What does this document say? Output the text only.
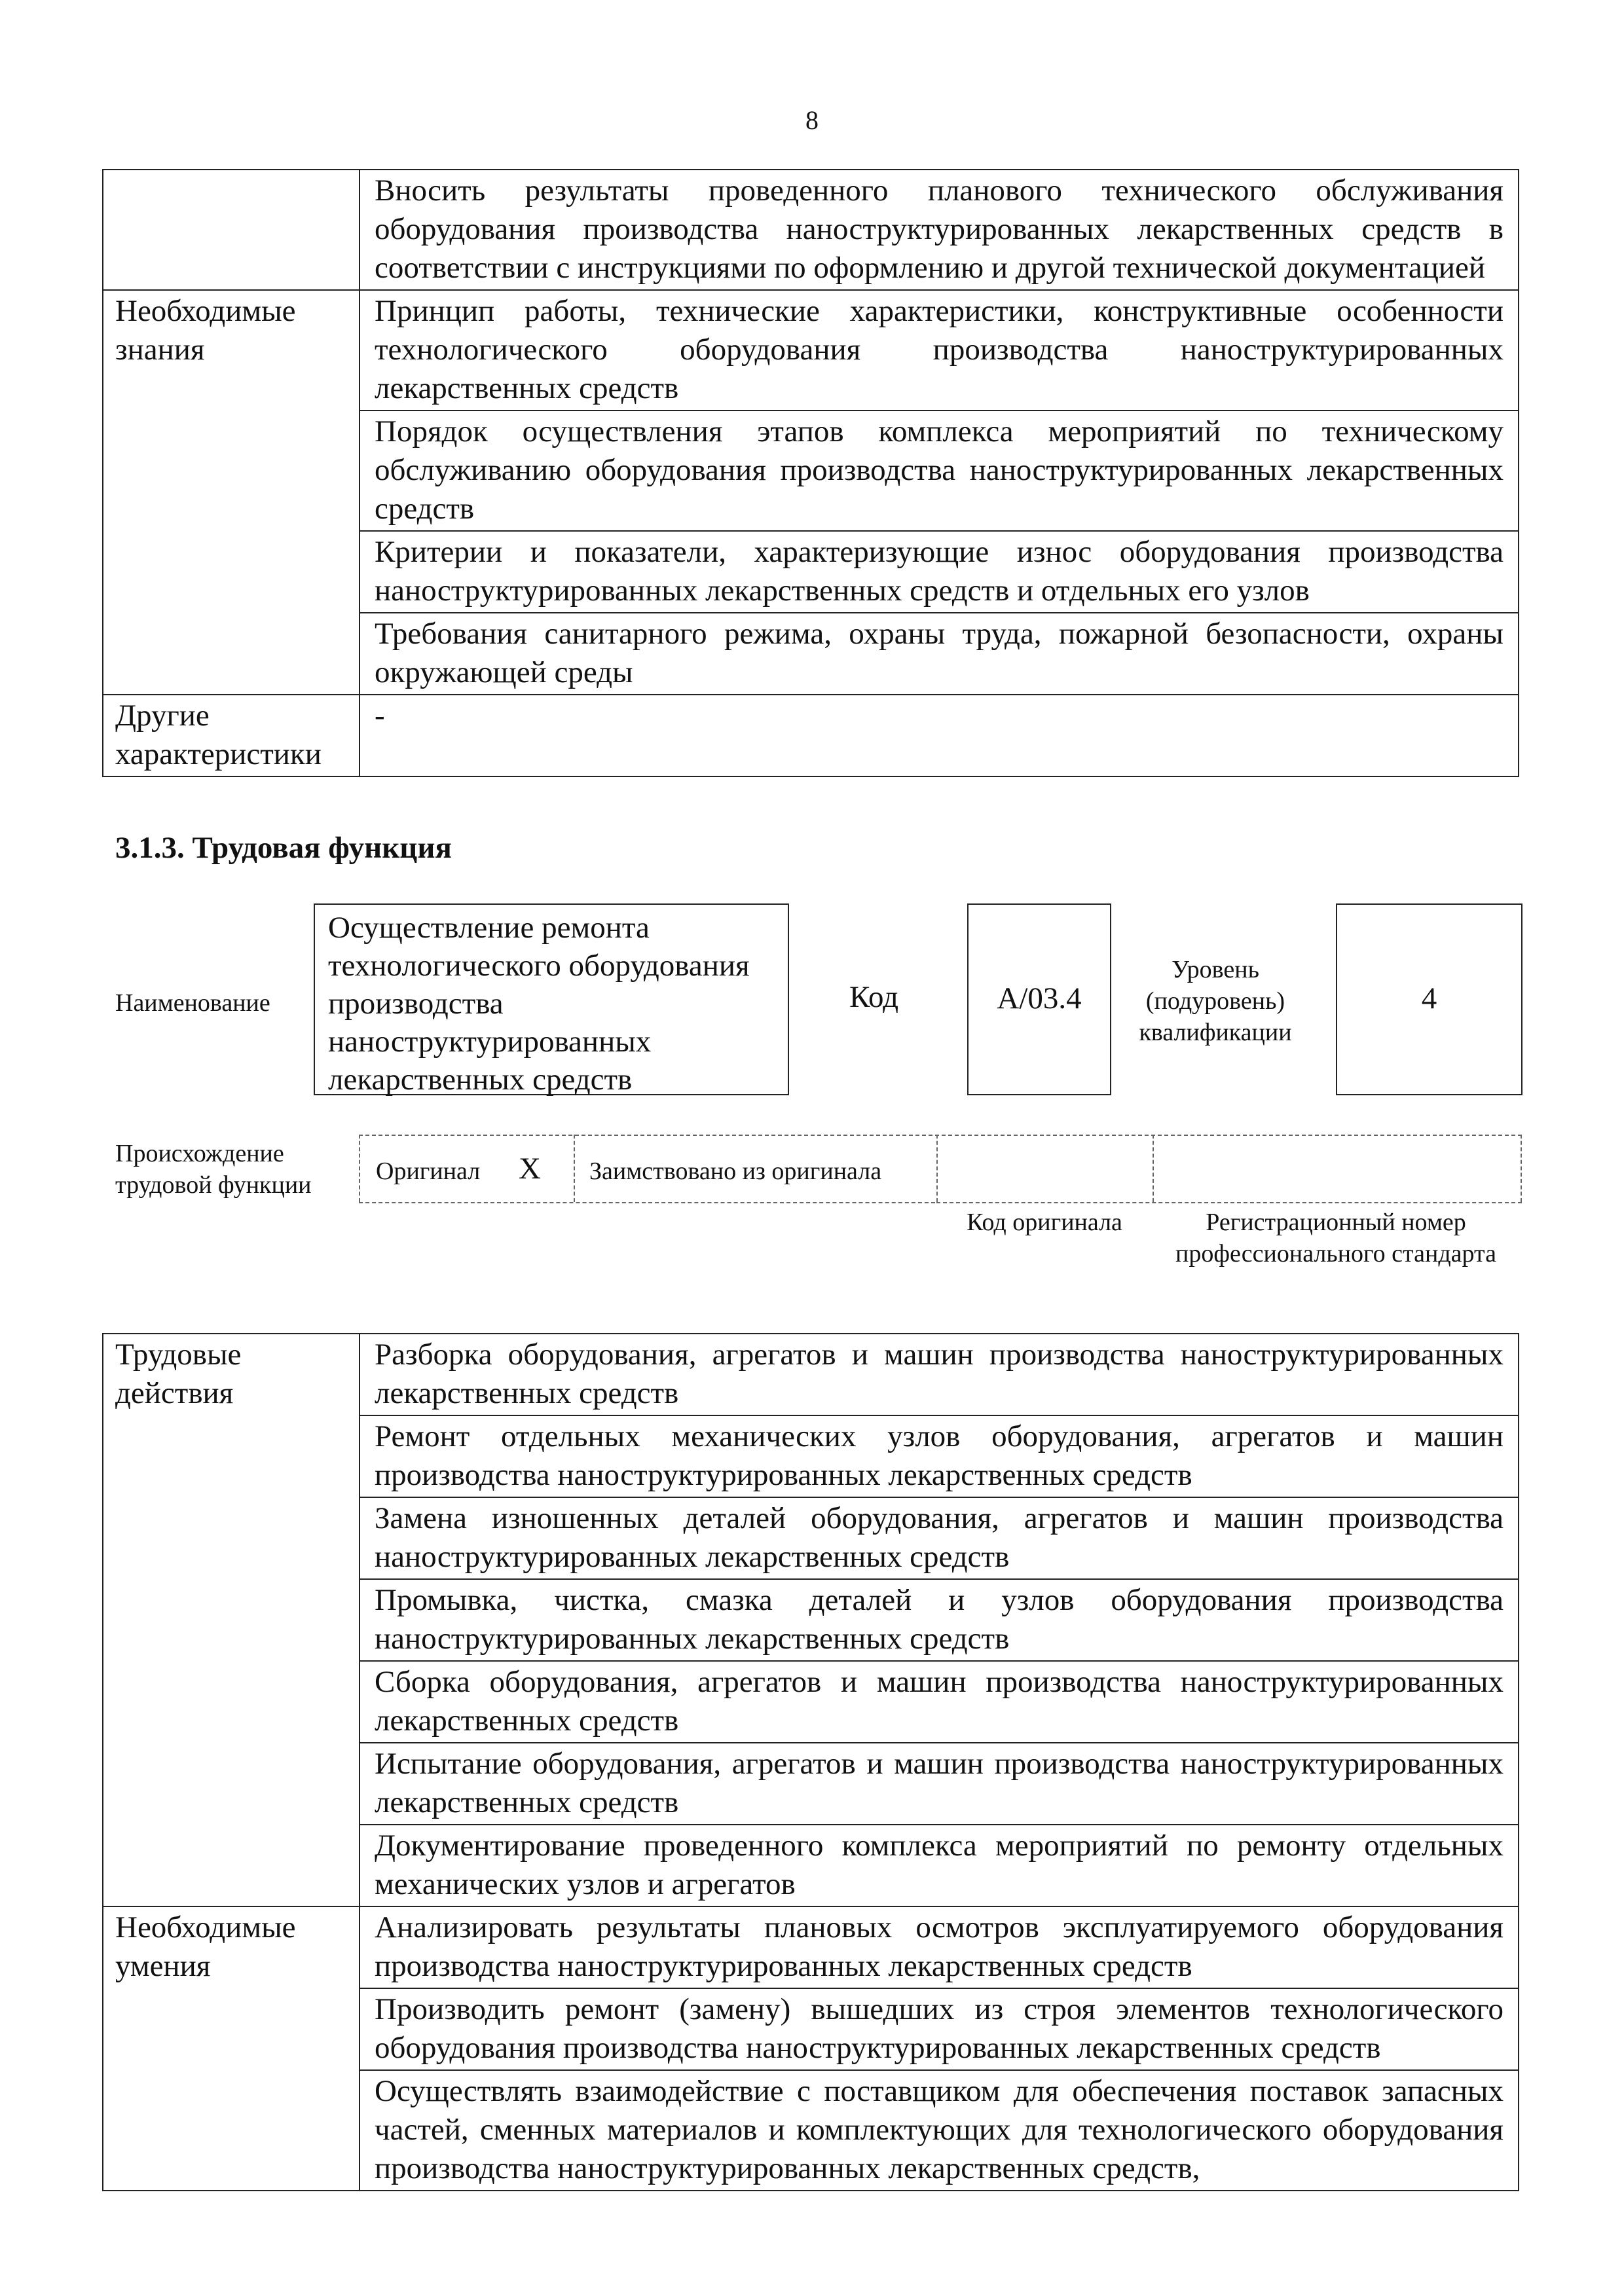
8
	Вносить результаты проведенного планового технического обслуживания оборудования производства наноструктурированных лекарственных средств в соответствии с инструкциями по оформлению и другой технической документацией
Необходимые знания	Принцип работы, технические характеристики, конструктивные особенности технологического оборудования производства наноструктурированных лекарственных средств
	Порядок осуществления этапов комплекса мероприятий по техническому обслуживанию оборудования производства наноструктурированных лекарственных средств
	Критерии и показатели, характеризующие износ оборудования производства наноструктурированных лекарственных средств и отдельных его узлов
	Требования санитарного режима, охраны труда, пожарной безопасности, охраны окружающей среды
Другие характеристики	-
3.1.3. Трудовая функция
Наименование
Осуществление ремонта технологического оборудования производства наноструктурированных лекарственных средств
Код	A/03.4
Уровень (подуровень) квалификации
4
Происхождение трудовой функции	Оригинал X Заимствовано из оригинала
Код оригинала	Регистрационный номер профессионального стандарта
Трудовые действия	Разборка оборудования, агрегатов и машин производства наноструктурированных лекарственных средств
	Ремонт отдельных механических узлов оборудования, агрегатов и машин производства наноструктурированных лекарственных средств
	Замена изношенных деталей оборудования, агрегатов и машин производства наноструктурированных лекарственных средств
	Промывка, чистка, смазка деталей и узлов оборудования производства наноструктурированных лекарственных средств
	Сборка оборудования, агрегатов и машин производства наноструктурированных лекарственных средств
	Испытание оборудования, агрегатов и машин производства наноструктурированных лекарственных средств
	Документирование проведенного комплекса мероприятий по ремонту отдельных механических узлов и агрегатов
Необходимые умения	Анализировать результаты плановых осмотров эксплуатируемого оборудования производства наноструктурированных лекарственных средств
	Производить ремонт (замену) вышедших из строя элементов технологического оборудования производства наноструктурированных лекарственных средств
	Осуществлять взаимодействие с поставщиком для обеспечения поставок запасных частей, сменных материалов и комплектующих для технологического оборудования производства наноструктурированных лекарственных средств,
